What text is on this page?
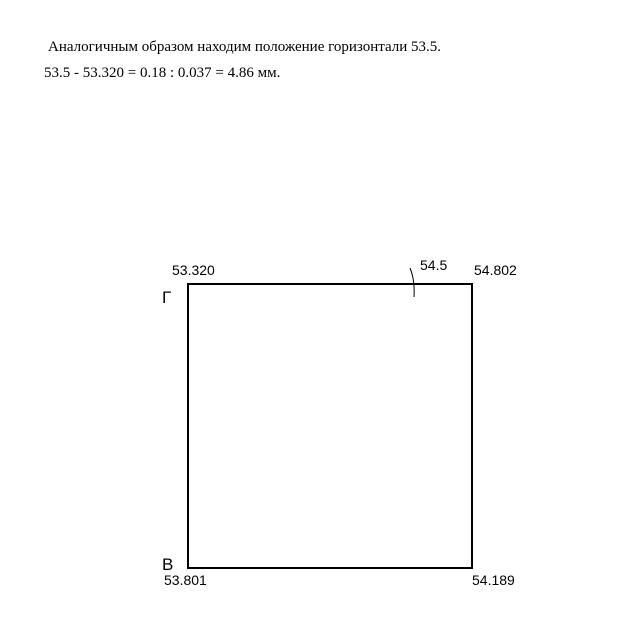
Аналогичным образом находим положение горизонтали 53.5.
53.5 - 53.320 = 0.18 : 0.037 = 4.86 мм.
53.320	54.802
53.801	54.189
54.5
Г
В
